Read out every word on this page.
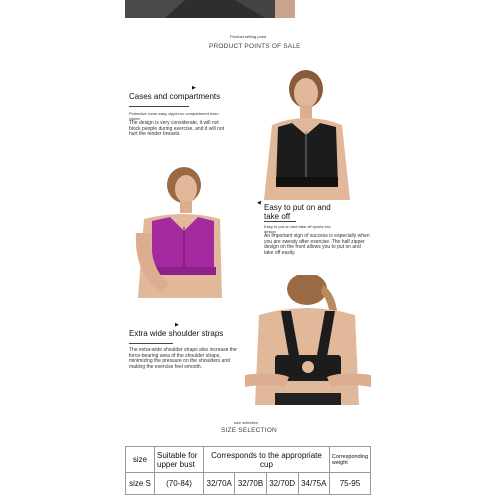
Product selling point
PRODUCT POINTS OF SALE
▶
Cases and compartments
Protective cover,easy zipper,no compartment even zipper
The design is very considerate, it will not block people during exercise, and it will not hurt the tender breasts.
◀ Easy to put on and take off
Easy to put on and take off sports bra design
An important sign of success is especially when you are sweaty after exercise. The half zipper design on the front allows you to put on and take off easily.
▶
Extra wide shoulder straps
The extra-wide shoulder straps also increase the force-bearing area of the shoulder straps, minimizing the pressure on the shoulders and making the exercise feel smooth.
size selection
SIZE SELECTION
size	Suitable for upper bust	Corresponds to the appropriate cup				Corresponding weight
size S	(70-84)	32/70A	32/70B	32/70D	34/75A	75-95
